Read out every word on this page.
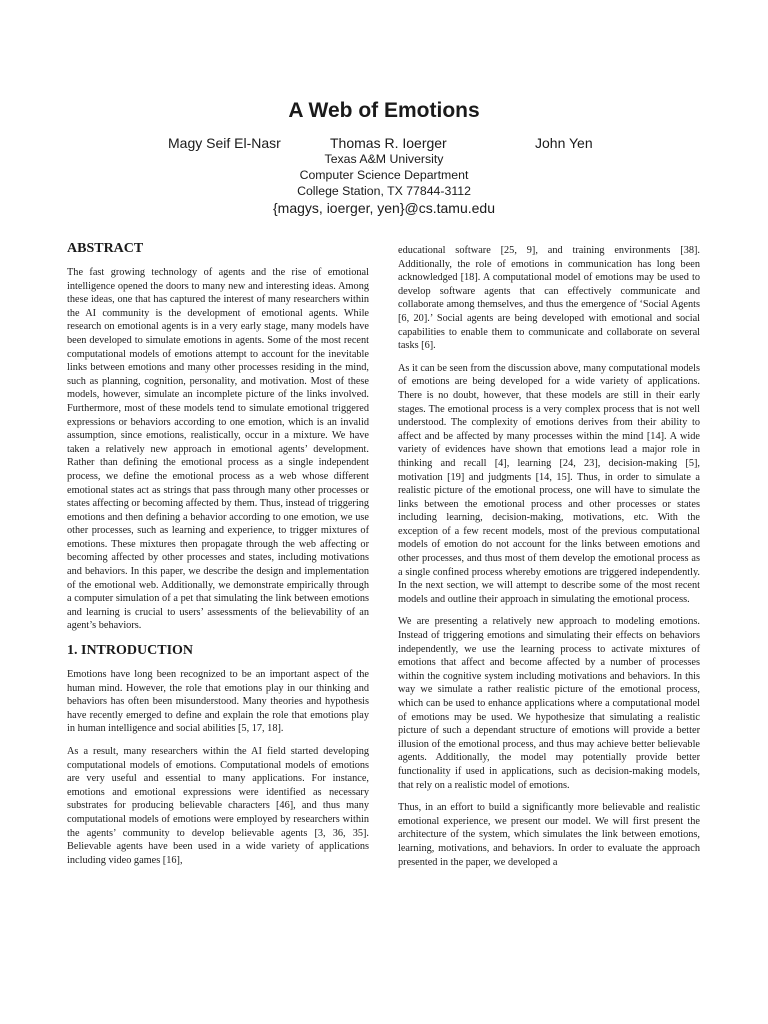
A Web of Emotions
Magy Seif El-Nasr	Thomas R. Ioerger	John Yen
Texas A&M University
Computer Science Department
College Station, TX 77844-3112
{magys, ioerger, yen}@cs.tamu.edu
ABSTRACT

The fast growing technology of agents and the rise of emotional intelligence opened the doors to many new and interesting ideas. Among these ideas, one that has captured the interest of many researchers within the AI community is the development of emotional agents. While research on emotional agents is in a very early stage, many models have been developed to simulate emotions in agents. Some of the most recent computational models of emotions attempt to account for the inevitable links between emotions and many other processes residing in the mind, such as planning, cognition, personality, and motivation. Most of these models, however, simulate an incomplete picture of the links involved. Furthermore, most of these models tend to simulate emotional triggered expressions or behaviors according to one emotion, which is an invalid assumption, since emotions, realistically, occur in a mixture. We have taken a relatively new approach in emotional agents’ development. Rather than defining the emotional process as a single independent process, we define the emotional process as a web whose different emotional states act as strings that pass through many other processes or states affecting or becoming affected by them. Thus, instead of triggering emotions and then defining a behavior according to one emotion, we use other processes, such as learning and experience, to trigger mixtures of emotions. These mixtures then propagate through the web affecting or becoming affected by other processes and states, including motivations and behaviors. In this paper, we describe the design and implementation of the emotional web. Additionally, we demonstrate empirically through a computer simulation of a pet that simulating the link between emotions and learning is crucial to users’ assessments of the believability of an agent’s behaviors.

1. INTRODUCTION

Emotions have long been recognized to be an important aspect of the human mind. However, the role that emotions play in our thinking and behaviors has often been misunderstood. Many theories and hypothesis have recently emerged to define and explain the role that emotions play in human intelligence and social abilities [5, 17, 18].

As a result, many researchers within the AI field started developing computational models of emotions. Computational models of emotions are very useful and essential to many applications. For instance, emotions and emotional expressions were identified as necessary substrates for producing believable characters [46], and thus many computational models of emotions were employed by researchers within the agents’ community to develop believable agents [3, 36, 35]. Believable agents have been used in a wide variety of applications including video games [16],

educational software [25, 9], and training environments [38]. Additionally, the role of emotions in communication has long been acknowledged [18]. A computational model of emotions may be used to develop software agents that can effectively communicate and collaborate among themselves, and thus the emergence of ‘Social Agents [6, 20].’ Social agents are being developed with emotional and social capabilities to enable them to communicate and collaborate on several tasks [6].

As it can be seen from the discussion above, many computational models of emotions are being developed for a wide variety of applications. There is no doubt, however, that these models are still in their early stages. The emotional process is a very complex process that is not well understood. The complexity of emotions derives from their ability to affect and be affected by many processes within the mind [14]. A wide variety of evidences have shown that emotions lead a major role in thinking and recall [4], learning [24, 23], decision-making [5], motivation [19] and judgments [14, 15]. Thus, in order to simulate a realistic picture of the emotional process, one will have to simulate the links between the emotional process and other processes or states including learning, decision-making, motivations, etc. With the exception of a few recent models, most of the previous computational models of emotion do not account for the links between emotions and other processes, and thus most of them develop the emotional process as a single confined process whereby emotions are triggered independently. In the next section, we will attempt to describe some of the most recent models and outline their approach in simulating the emotional process.

We are presenting a relatively new approach to modeling emotions. Instead of triggering emotions and simulating their effects on behaviors independently, we use the learning process to activate mixtures of emotions that affect and become affected by a number of processes within the cognitive system including motivations and behaviors. In this way we simulate a rather realistic picture of the emotional process, which can be used to enhance applications where a computational model of emotions may be used. We hypothesize that simulating a realistic picture of such a dependant structure of emotions will provide a better illusion of the emotional process, and thus may achieve better believable agents. Additionally, the model may potentially provide better functionality if used in applications, such as decision-making models, that rely on a realistic model of emotions.

Thus, in an effort to build a significantly more believable and realistic emotional experience, we present our model. We will first present the architecture of the system, which simulates the link between emotions, learning, motivations, and behaviors. In order to evaluate the approach presented in the paper, we developed a
